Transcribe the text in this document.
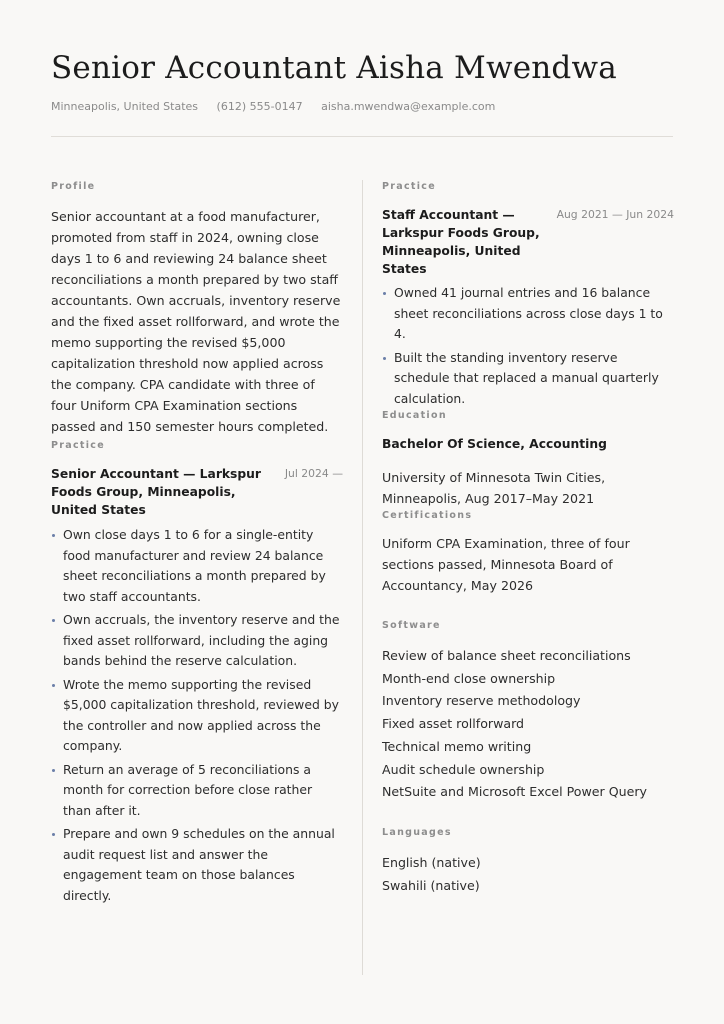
Senior Accountant Aisha Mwendwa
Minneapolis, United States (612) 555-0147 aisha.mwendwa@example.com

Profile

Senior accountant at a food manufacturer, promoted from staff in 2024, owning close days 1 to 6 and reviewing 24 balance sheet reconciliations a month prepared by two staff accountants. Own accruals, inventory reserve and the fixed asset rollforward, and wrote the memo supporting the revised $5,000 capitalization threshold now applied across the company. CPA candidate with three of four Uniform CPA Examination sections passed and 150 semester hours completed.

Practice

Senior Accountant — Larkspur Foods Group, Minneapolis, United States

Jul 2024 —
Own close days 1 to 6 for a single-entity food manufacturer and review 24 balance sheet reconciliations a month prepared by two staff accountants.
Own accruals, the inventory reserve and the fixed asset rollforward, including the aging bands behind the reserve calculation.
Wrote the memo supporting the revised $5,000 capitalization threshold, reviewed by the controller and now applied across the company.
Return an average of 5 reconciliations a month for correction before close rather than after it.
Prepare and own 9 schedules on the annual audit request list and answer the engagement team on those balances directly.

Practice

Staff Accountant — Larkspur Foods Group, Minneapolis, United States

Aug 2021 — Jun 2024
Owned 41 journal entries and 16 balance sheet reconciliations across close days 1 to 4.
Built the standing inventory reserve schedule that replaced a manual quarterly calculation.

Education

Bachelor Of Science, Accounting

University of Minnesota Twin Cities, Minneapolis, Aug 2017–May 2021

Certifications

Uniform CPA Examination, three of four sections passed, Minnesota Board of Accountancy, May 2026

Software

Review of balance sheet reconciliations
Month-end close ownership
Inventory reserve methodology
Fixed asset rollforward
Technical memo writing
Audit schedule ownership
NetSuite and Microsoft Excel Power Query

Languages

English (native)
Swahili (native)
